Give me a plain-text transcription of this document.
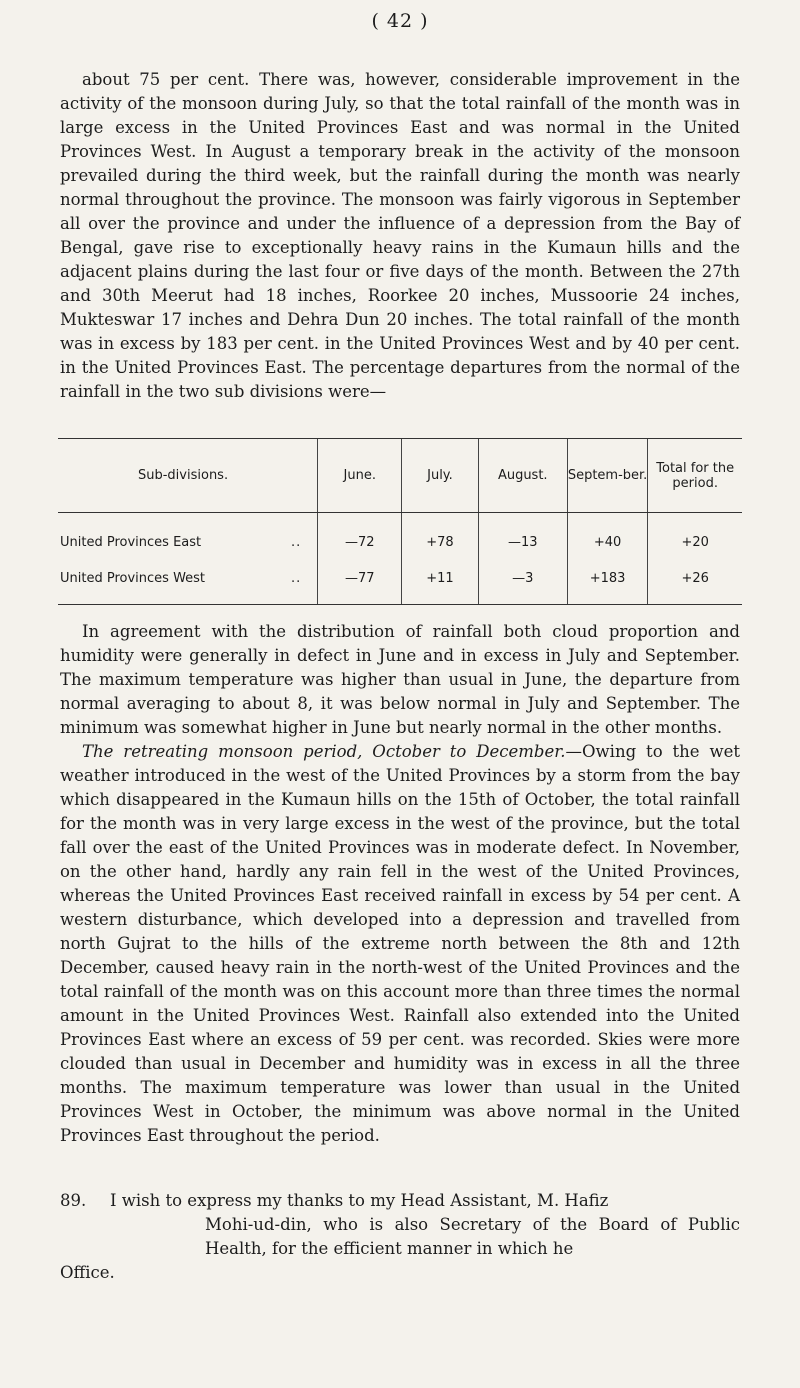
( 42 )

about 75 per cent. There was, however, considerable improvement in the activity of the monsoon during July, so that the total rainfall of the month was in large excess in the United Provinces East and was normal in the United Provinces West. In August a temporary break in the activity of the monsoon prevailed during the third week, but the rainfall during the month was nearly normal throughout the province. The monsoon was fairly vigorous in September all over the province and under the influence of a depression from the Bay of Bengal, gave rise to exceptionally heavy rains in the Kumaun hills and the adjacent plains during the last four or five days of the month. Between the 27th and 30th Meerut had 18 inches, Roorkee 20 inches, Mussoorie 24 inches, Mukteswar 17 inches and Dehra Dun 20 inches. The total rainfall of the month was in excess by 183 per cent. in the United Provinces West and by 40 per cent. in the United Provinces East. The percentage departures from the normal of the rainfall in the two sub divisions were—

Sub-divisions.	June.	July.	August.	Septem-ber.	Total for the period.
United Provinces East ..	—72	+78	—13	+40	+20
United Provinces West ..	—77	+11	—3	+183	+26

In agreement with the distribution of rainfall both cloud proportion and humidity were generally in defect in June and in excess in July and September. The maximum temperature was higher than usual in June, the departure from normal averaging to about 8, it was below normal in July and September. The minimum was somewhat higher in June but nearly normal in the other months.
The retreating monsoon period, October to December.—Owing to the wet weather introduced in the west of the United Provinces by a storm from the bay which disappeared in the Kumaun hills on the 15th of October, the total rainfall for the month was in very large excess in the west of the province, but the total fall over the east of the United Provinces was in moderate defect. In November, on the other hand, hardly any rain fell in the west of the United Provinces, whereas the United Provinces East received rainfall in excess by 54 per cent. A western disturbance, which developed into a depression and travelled from north Gujrat to the hills of the extreme north between the 8th and 12th December, caused heavy rain in the north-west of the United Provinces and the total rainfall of the month was on this account more than three times the normal amount in the United Provinces West. Rainfall also extended into the United Provinces East where an excess of 59 per cent. was recorded. Skies were more clouded than usual in December and humidity was in excess in all the three months. The maximum temperature was lower than usual in the United Provinces West in October, the minimum was above normal in the United Provinces East throughout the period.

89. I wish to express my thanks to my Head Assistant, M. Hafiz

Office.

Mohi-ud-din, who is also Secretary of the Board of Public Health, for the efficient manner in which he
